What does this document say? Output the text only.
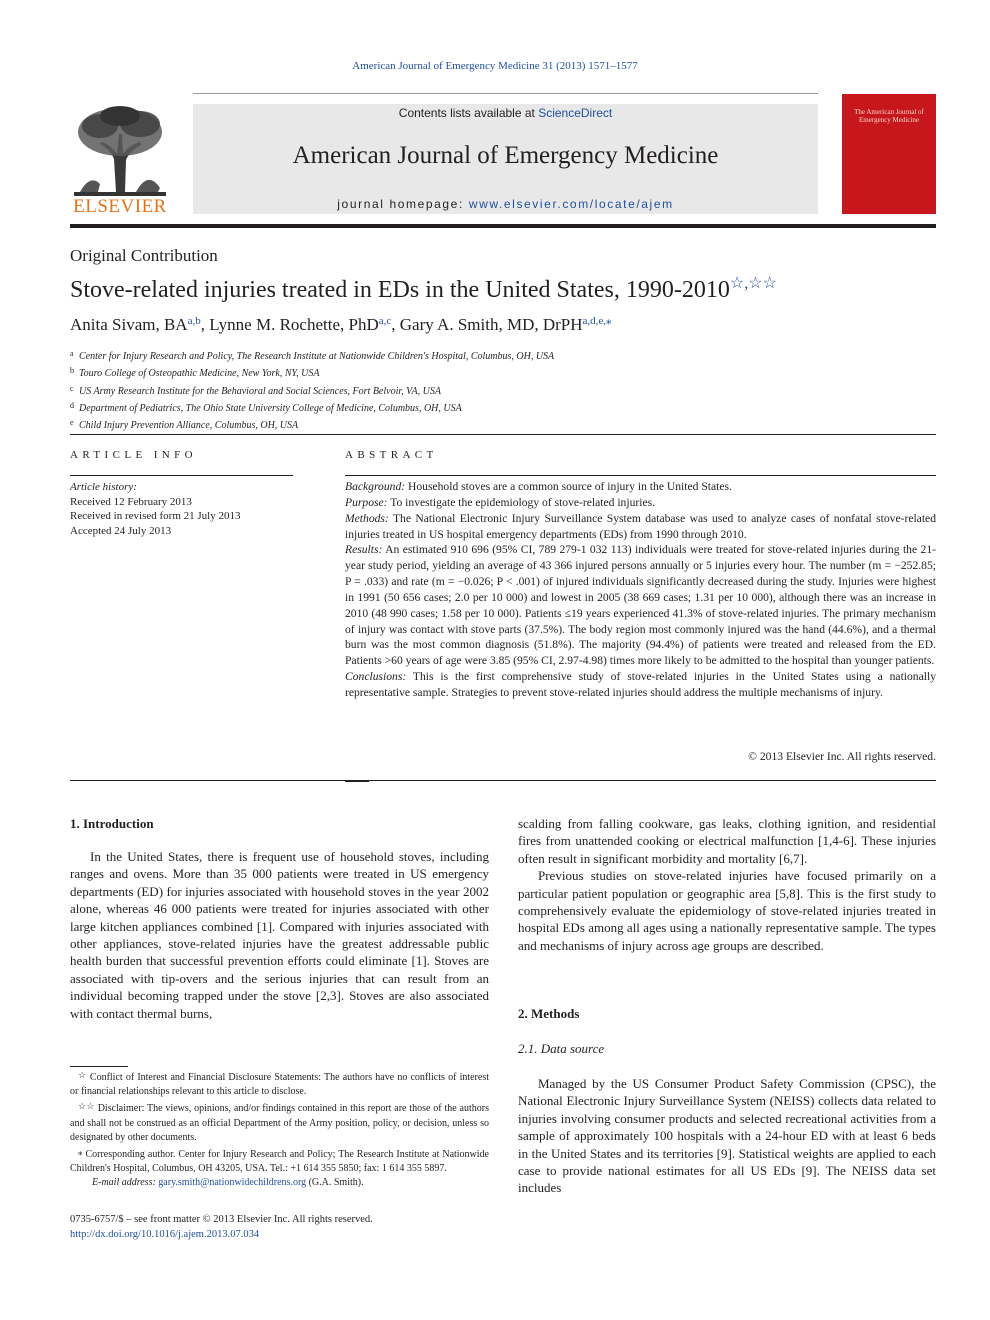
American Journal of Emergency Medicine 31 (2013) 1571–1577
ELSEVIER
Contents lists available at ScienceDirect
American Journal of Emergency Medicine
journal homepage: www.elsevier.com/locate/ajem
The American Journal of Emergency Medicine
Original Contribution
Stove-related injuries treated in EDs in the United States, 1990-2010☆,☆☆
Anita Sivam, BA$^{a,b}$, Lynne M. Rochette, PhD$^{a,c}$, Gary A. Smith, MD, DrPH$^{a,d,e,⁎}$
a Center for Injury Research and Policy, The Research Institute at Nationwide Children's Hospital, Columbus, OH, USA
b Touro College of Osteopathic Medicine, New York, NY, USA
c US Army Research Institute for the Behavioral and Social Sciences, Fort Belvoir, VA, USA
d Department of Pediatrics, The Ohio State University College of Medicine, Columbus, OH, USA
e Child Injury Prevention Alliance, Columbus, OH, USA
ARTICLE INFO
Article history:
Received 12 February 2013
Received in revised form 21 July 2013
Accepted 24 July 2013
ABSTRACT

Background: Household stoves are a common source of injury in the United States.

Purpose: To investigate the epidemiology of stove-related injuries.

Methods: The National Electronic Injury Surveillance System database was used to analyze cases of nonfatal stove-related injuries treated in US hospital emergency departments (EDs) from 1990 through 2010.

Results: An estimated 910 696 (95% CI, 789 279-1 032 113) individuals were treated for stove-related injuries during the 21-year study period, yielding an average of 43 366 injured persons annually or 5 injuries every hour. The number (m = −252.85; P = .033) and rate (m = −0.026; P < .001) of injured individuals significantly decreased during the study. Injuries were highest in 1991 (50 656 cases; 2.0 per 10 000) and lowest in 2005 (38 669 cases; 1.31 per 10 000), although there was an increase in 2010 (48 990 cases; 1.58 per 10 000). Patients ≤19 years experienced 41.3% of stove-related injuries. The primary mechanism of injury was contact with stove parts (37.5%). The body region most commonly injured was the hand (44.6%), and a thermal burn was the most common diagnosis (51.8%). The majority (94.4%) of patients were treated and released from the ED. Patients >60 years of age were 3.85 (95% CI, 2.97-4.98) times more likely to be admitted to the hospital than younger patients.

Conclusions: This is the first comprehensive study of stove-related injuries in the United States using a nationally representative sample. Strategies to prevent stove-related injuries should address the multiple mechanisms of injury.

© 2013 Elsevier Inc. All rights reserved.
1. Introduction

In the United States, there is frequent use of household stoves, including ranges and ovens. More than 35 000 patients were treated in US emergency departments (ED) for injuries associated with household stoves in the year 2002 alone, whereas 46 000 patients were treated for injuries associated with other large kitchen appliances combined [1]. Compared with injuries associated with other appliances, stove-related injuries have the greatest addressable public health burden that successful prevention efforts could eliminate [1]. Stoves are associated with tip-overs and the serious injuries that can result from an individual becoming trapped under the stove [2,3]. Stoves are also associated with contact thermal burns,

scalding from falling cookware, gas leaks, clothing ignition, and residential fires from unattended cooking or electrical malfunction [1,4-6]. These injuries often result in significant morbidity and mortality [6,7].

Previous studies on stove-related injuries have focused primarily on a particular patient population or geographic area [5,8]. This is the first study to comprehensively evaluate the epidemiology of stove-related injuries treated in hospital EDs among all ages using a nationally representative sample. The types and mechanisms of injury across age groups are described.

2. Methods
2.1. Data source

Managed by the US Consumer Product Safety Commission (CPSC), the National Electronic Injury Surveillance System (NEISS) collects data related to injuries involving consumer products and selected recreational activities from a sample of approximately 100 hospitals with a 24-hour ED with at least 6 beds in the United States and its territories [9]. Statistical weights are applied to each case to provide national estimates for all US EDs [9]. The NEISS data set includes

☆ Conflict of Interest and Financial Disclosure Statements: The authors have no conflicts of interest or financial relationships relevant to this article to disclose.

☆☆ Disclaimer: The views, opinions, and/or findings contained in this report are those of the authors and shall not be construed as an official Department of the Army position, policy, or decision, unless so designated by other documents.

⁎ Corresponding author. Center for Injury Research and Policy; The Research Institute at Nationwide Children's Hospital, Columbus, OH 43205, USA. Tel.: +1 614 355 5850; fax: 1 614 355 5897.

E-mail address: gary.smith@nationwidechildrens.org (G.A. Smith).

0735-6757/$ – see front matter © 2013 Elsevier Inc. All rights reserved.
http://dx.doi.org/10.1016/j.ajem.2013.07.034
